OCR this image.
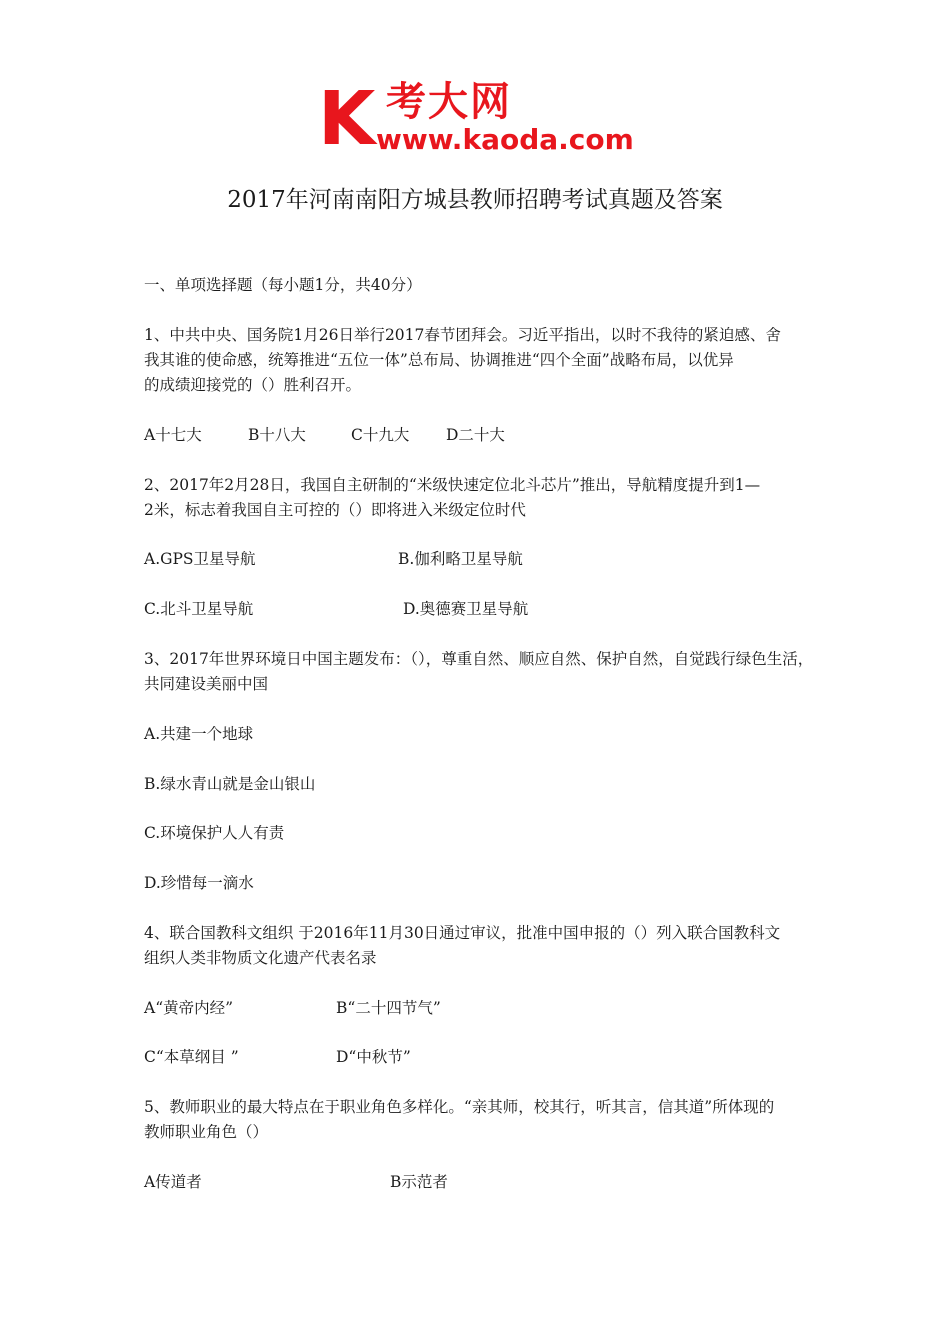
K 考大网
www.kaoda.com
2017年河南南阳方城县教师招聘考试真题及答案
一、单项选择题（每小题1分，共40分）
1、中共中央、国务院1月26日举行2017春节团拜会。习近平指出，以时不我待的紧迫感、舍
我其谁的使命感，统筹推进“五位一体”总布局、协调推进“四个全面”战略布局，以优异
的成绩迎接党的（）胜利召开。
A十七大	B十八大	C十九大 D二十大
2、2017年2月28日，我国自主研制的“米级快速定位北斗芯片”推出，导航精度提升到1—
2米，标志着我国自主可控的（）即将进入米级定位时代
A.GPS卫星导航	B.伽利略卫星导航
C.北斗卫星导航	D.奥德赛卫星导航
3、2017年世界环境日中国主题发布：（），尊重自然、顺应自然、保护自然，自觉践行绿色生活，
共同建设美丽中国
A.共建一个地球
B.绿水青山就是金山银山
C.环境保护人人有责
D.珍惜每一滴水
4、联合国教科文组织 于2016年11月30日通过审议，批准中国申报的（）列入联合国教科文
组织人类非物质文化遗产代表名录
A“黄帝内经”	B“二十四节气”
C“本草纲目 ”	D“中秋节”
5、教师职业的最大特点在于职业角色多样化。“亲其师，校其行，听其言，信其道”所体现的
教师职业角色（）
A传道者	B示范者
